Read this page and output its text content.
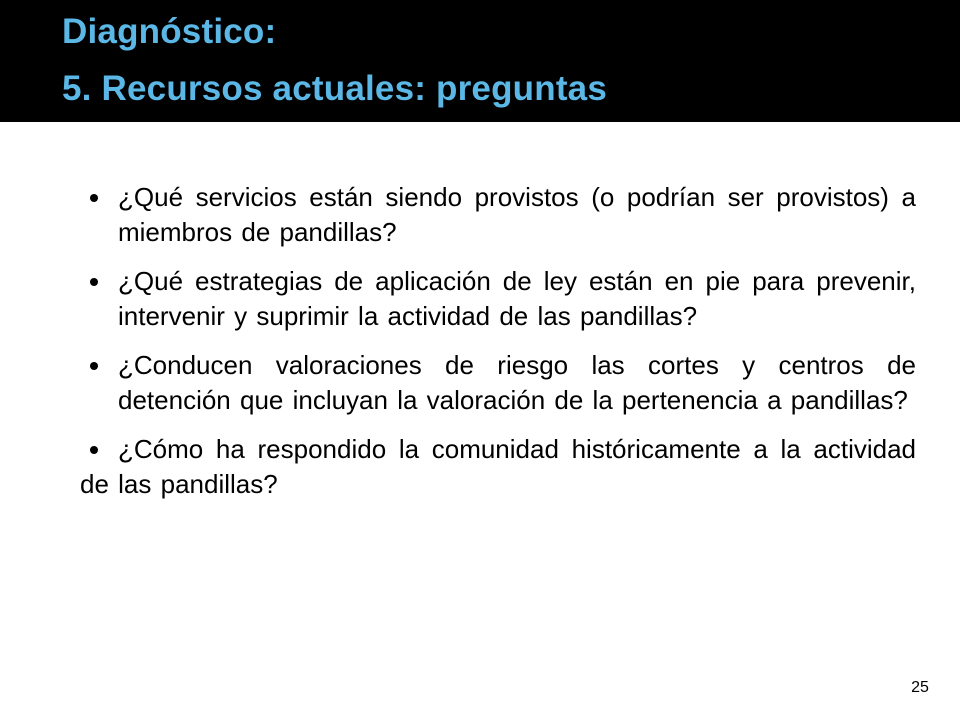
Diagnóstico:
5. Recursos actuales: preguntas
¿Qué servicios están siendo provistos (o podrían ser provistos) a miembros de pandillas?
¿Qué estrategias de aplicación de ley están en pie para prevenir, intervenir y suprimir la actividad de las pandillas?
¿Conducen valoraciones de riesgo las cortes y centros de detención que incluyan la valoración de la pertenencia a pandillas?
¿Cómo ha respondido la comunidad históricamente a la actividad de las pandillas?
25
